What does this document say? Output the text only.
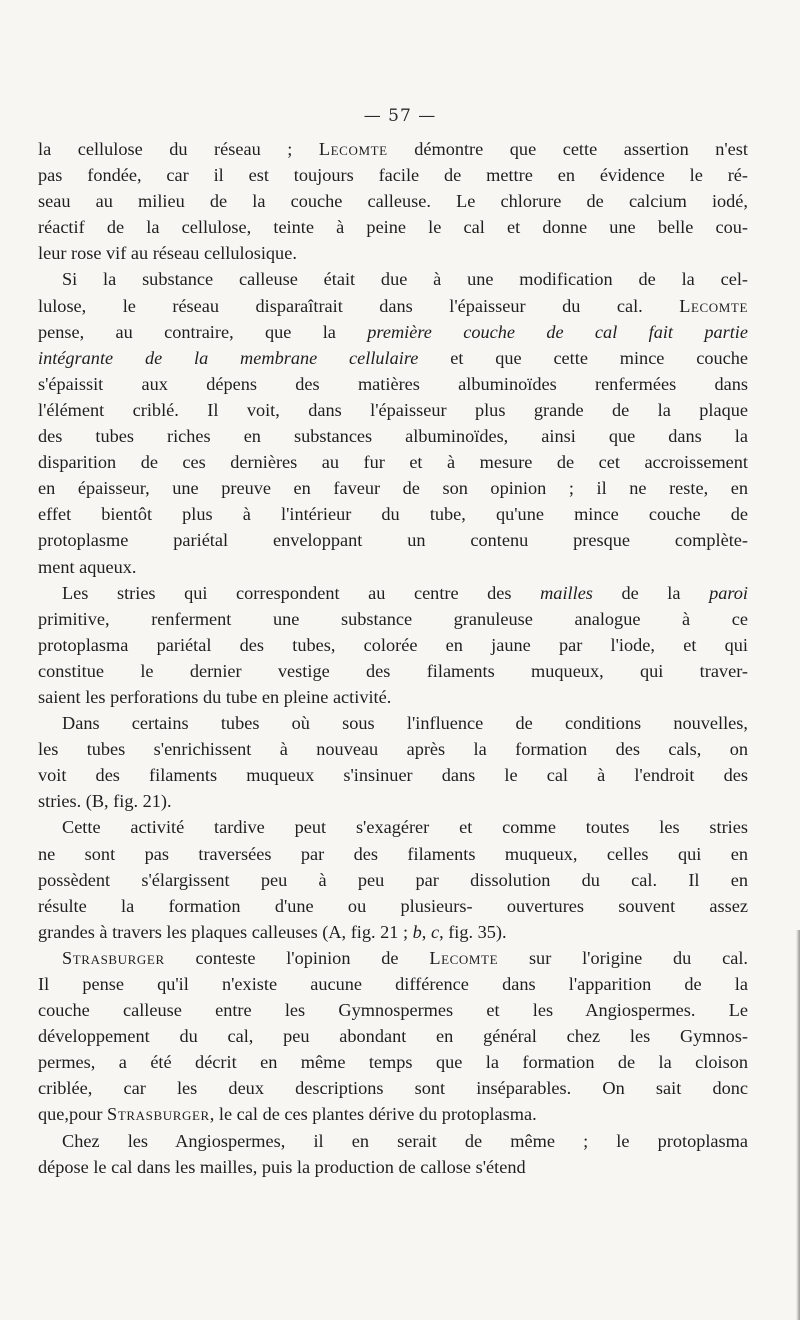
— 57 —
la cellulose du réseau ; Lecomte démontre que cette assertion n'est
pas fondée, car il est toujours facile de mettre en évidence le ré-
seau au milieu de la couche calleuse. Le chlorure de calcium iodé,
réactif de la cellulose, teinte à peine le cal et donne une belle cou-
leur rose vif au réseau cellulosique.
Si la substance calleuse était due à une modification de la cel-
lulose, le réseau disparaîtrait dans l'épaisseur du cal. Lecomte
pense, au contraire, que la première couche de cal fait partie
intégrante de la membrane cellulaire et que cette mince couche
s'épaissit aux dépens des matières albuminoïdes renfermées dans
l'élément criblé. Il voit, dans l'épaisseur plus grande de la plaque
des tubes riches en substances albuminoïdes, ainsi que dans la
disparition de ces dernières au fur et à mesure de cet accroissement
en épaisseur, une preuve en faveur de son opinion ; il ne reste, en
effet bientôt plus à l'intérieur du tube, qu'une mince couche de
protoplasme pariétal enveloppant un contenu presque complète-
ment aqueux.
Les stries qui correspondent au centre des mailles de la paroi
primitive, renferment une substance granuleuse analogue à ce
protoplasma pariétal des tubes, colorée en jaune par l'iode, et qui
constitue le dernier vestige des filaments muqueux, qui traver-
saient les perforations du tube en pleine activité.
Dans certains tubes où sous l'influence de conditions nouvelles,
les tubes s'enrichissent à nouveau après la formation des cals, on
voit des filaments muqueux s'insinuer dans le cal à l'endroit des
stries. (B, fig. 21).
Cette activité tardive peut s'exagérer et comme toutes les stries
ne sont pas traversées par des filaments muqueux, celles qui en
possèdent s'élargissent peu à peu par dissolution du cal. Il en
résulte la formation d'une ou plusieurs- ouvertures souvent assez
grandes à travers les plaques calleuses (A, fig. 21 ; b, c, fig. 35).
Strasburger conteste l'opinion de Lecomte sur l'origine du cal.
Il pense qu'il n'existe aucune différence dans l'apparition de la
couche calleuse entre les Gymnospermes et les Angiospermes. Le
développement du cal, peu abondant en général chez les Gymnos-
permes, a été décrit en même temps que la formation de la cloison
criblée, car les deux descriptions sont inséparables. On sait donc
que,pour Strasburger, le cal de ces plantes dérive du protoplasma.
Chez les Angiospermes, il en serait de même ; le protoplasma
dépose le cal dans les mailles, puis la production de callose s'étend
